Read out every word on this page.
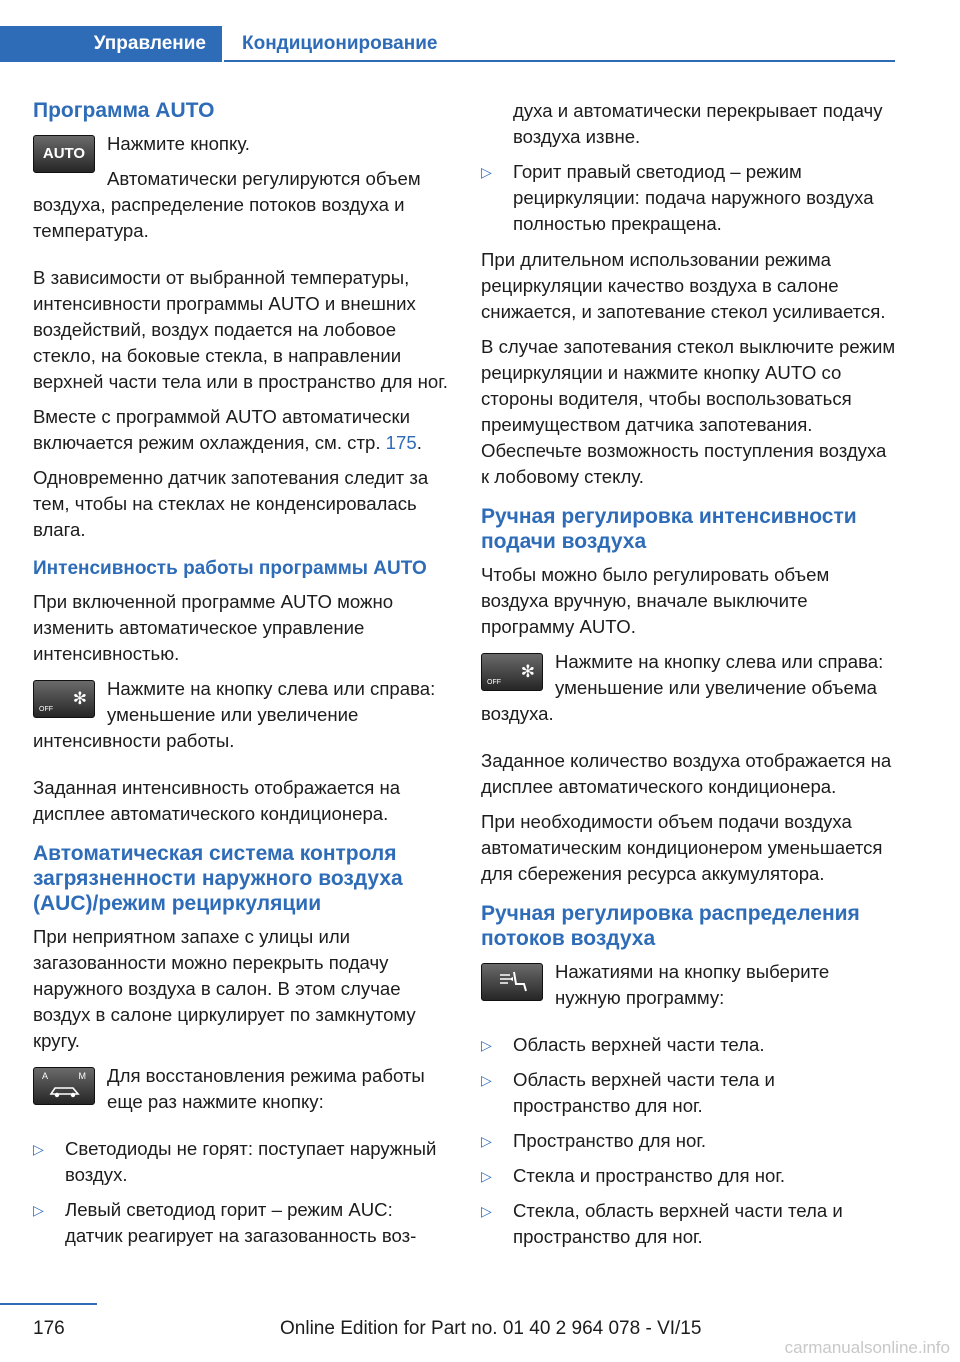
Управление	Кондиционирование
Программа AUTO
AUTO	Нажмите кнопку.

Автоматически регулируются объем воздуха, распределение потоков воздуха и температура.

В зависимости от выбранной температуры, интенсивности программы AUTO и внешних воздействий, воздух подается на лобовое стекло, на боковые стекла, в направлении верхней части тела или в пространство для ног.

Вместе с программой AUTO автоматически включается режим охлаждения, см. стр. 175.

Одновременно датчик запотевания следит за тем, чтобы на стеклах не конденсировалась влага.

Интенсивность работы программы AUTO

При включенной программе AUTO можно изменить автоматическое управление интенсивностью.

OFF
✻	Нажмите на кнопку слева или справа: уменьшение или увеличение интенсивности работы.

Заданная интенсивность отображается на дисплее автоматического кондиционера.

Автоматическая система контроля загрязненности наружного воздуха (AUC)/режим рециркуляции

При неприятном запахе с улицы или загазованности можно перекрыть подачу наружного воздуха в салон. В этом случае воздух в салоне циркулирует по замкнутому кругу.

A	M	Для восстановления режима работы еще раз нажмите кнопку:

▷ Светодиоды не горят: поступает наружный воздух.
▷ Левый светодиод горит – режим AUC: датчик реагирует на загазованность воз-

духа и автоматически перекрывает подачу воздуха извне.

▷ Горит правый светодиод – режим рециркуляции: подача наружного воздуха полностью прекращена.

При длительном использовании режима рециркуляции качество воздуха в салоне снижается, и запотевание стекол усиливается.

В случае запотевания стекол выключите режим рециркуляции и нажмите кнопку AUTO со стороны водителя, чтобы воспользоваться преимуществом датчика запотевания. Обеспечьте возможность поступления воздуха к лобовому стеклу.

Ручная регулировка интенсивности подачи воздуха

Чтобы можно было регулировать объем воздуха вручную, вначале выключите программу AUTO.

OFF
✻	Нажмите на кнопку слева или справа: уменьшение или увеличение объема воздуха.

Заданное количество воздуха отображается на дисплее автоматического кондиционера.

При необходимости объем подачи воздуха автоматическим кондиционером уменьшается для сбережения ресурса аккумулятора.

Ручная регулировка распределения потоков воздуха

Нажатиями на кнопку выберите нужную программу:

▷ Область верхней части тела.
▷ Область верхней части тела и пространство для ног.
▷ Пространство для ног.
▷ Стекла и пространство для ног.
▷ Стекла, область верхней части тела и пространство для ног.
176	Online Edition for Part no. 01 40 2 964 078 - VI/15
carmanualsonline.info
